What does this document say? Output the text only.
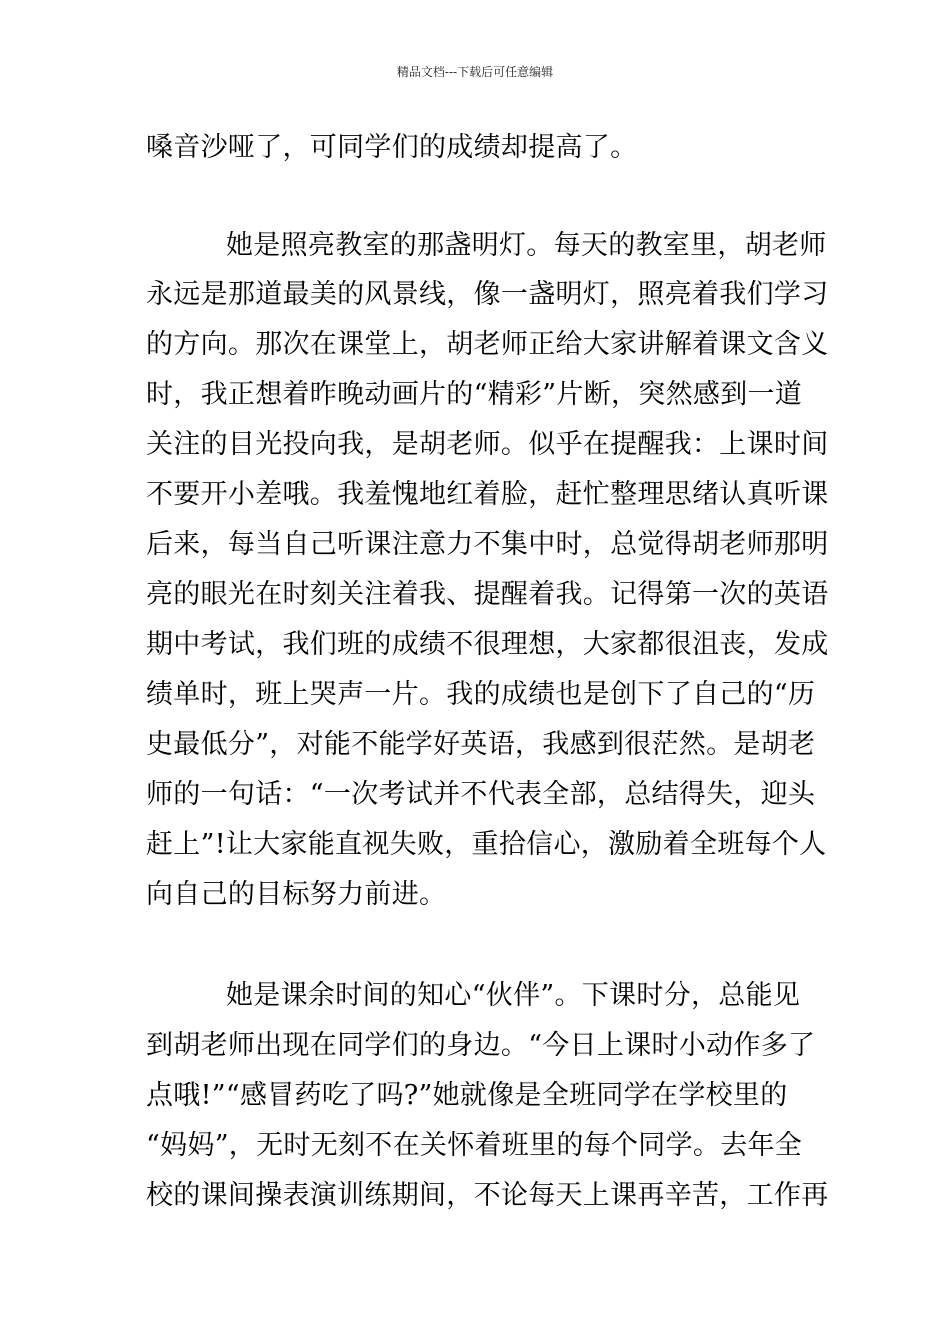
精品文档---下载后可任意编辑
嗓音沙哑了，可同学们的成绩却提高了。
她是照亮教室的那盏明灯。每天的教室里，胡老师
永远是那道最美的风景线，像一盏明灯，照亮着我们学习
的方向。那次在课堂上，胡老师正给大家讲解着课文含义
时，我正想着昨晚动画片的“精彩”片断，突然感到一道
关注的目光投向我，是胡老师。似乎在提醒我：上课时间
不要开小差哦。我羞愧地红着脸，赶忙整理思绪认真听课
后来，每当自己听课注意力不集中时，总觉得胡老师那明
亮的眼光在时刻关注着我、提醒着我。记得第一次的英语
期中考试，我们班的成绩不很理想，大家都很沮丧，发成
绩单时，班上哭声一片。我的成绩也是创下了自己的“历
史最低分”，对能不能学好英语，我感到很茫然。是胡老
师的一句话：“一次考试并不代表全部，总结得失，迎头
赶上”!让大家能直视失败，重拾信心，激励着全班每个人
向自己的目标努力前进。
她是课余时间的知心“伙伴”。下课时分，总能见
到胡老师出现在同学们的身边。“今日上课时小动作多了
点哦!”“感冒药吃了吗?”她就像是全班同学在学校里的
“妈妈”，无时无刻不在关怀着班里的每个同学。去年全
校的课间操表演训练期间，不论每天上课再辛苦，工作再
